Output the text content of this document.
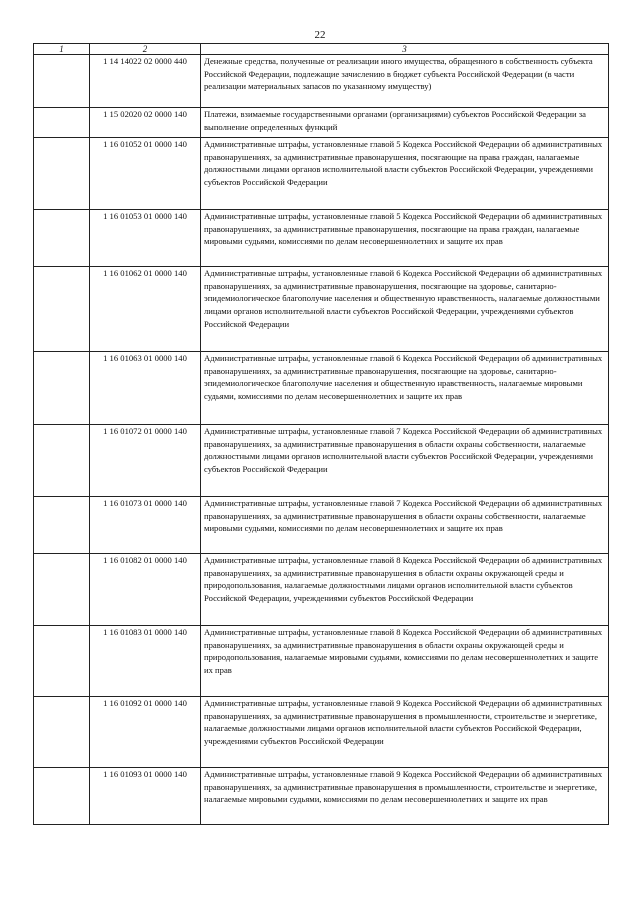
22
1	2	3
	1 14 14022 02 0000 440	Денежные средства, полученные от реализации иного имущества, обращенного в собственность субъекта Российской Федерации, подлежащие зачислению в бюджет субъекта Российской Федерации (в части реализации материальных запасов по указанному имуществу)
	1 15 02020 02 0000 140	Платежи, взимаемые государственными органами (организациями) субъектов Российской Федерации за выполнение определенных функций
	1 16 01052 01 0000 140	Административные штрафы, установленные главой 5 Кодекса Российской Федерации об административных правонарушениях, за административные правонарушения, посягающие на права граждан, налагаемые должностными лицами органов исполнительной власти субъектов Российской Федерации, учреждениями субъектов Российской Федерации
	1 16 01053 01 0000 140	Административные штрафы, установленные главой 5 Кодекса Российской Федерации об административных правонарушениях, за административные правонарушения, посягающие на права граждан, налагаемые мировыми судьями, комиссиями по делам несовершеннолетних и защите их прав
	1 16 01062 01 0000 140	Административные штрафы, установленные главой 6 Кодекса Российской Федерации об административных правонарушениях, за административные правонарушения, посягающие на здоровье, санитарно-эпидемиологическое благополучие населения и общественную нравственность, налагаемые должностными лицами органов исполнительной власти субъектов Российской Федерации, учреждениями субъектов Российской Федерации
	1 16 01063 01 0000 140	Административные штрафы, установленные главой 6 Кодекса Российской Федерации об административных правонарушениях, за административные правонарушения, посягающие на здоровье, санитарно-эпидемиологическое благополучие населения и общественную нравственность, налагаемые мировыми судьями, комиссиями по делам несовершеннолетних и защите их прав
	1 16 01072 01 0000 140	Административные штрафы, установленные главой 7 Кодекса Российской Федерации об административных правонарушениях, за административные правонарушения в области охраны собственности, налагаемые должностными лицами органов исполнительной власти субъектов Российской Федерации, учреждениями субъектов Российской Федерации
	1 16 01073 01 0000 140	Административные штрафы, установленные главой 7 Кодекса Российской Федерации об административных правонарушениях, за административные правонарушения в области охраны собственности, налагаемые мировыми судьями, комиссиями по делам несовершеннолетних и защите их прав
	1 16 01082 01 0000 140	Административные штрафы, установленные главой 8 Кодекса Российской Федерации об административных правонарушениях, за административные правонарушения в области охраны окружающей среды и природопользования, налагаемые должностными лицами органов исполнительной власти субъектов Российской Федерации, учреждениями субъектов Российской Федерации
	1 16 01083 01 0000 140	Административные штрафы, установленные главой 8 Кодекса Российской Федерации об административных правонарушениях, за административные правонарушения в области охраны окружающей среды и природопользования, налагаемые мировыми судьями, комиссиями по делам несовершеннолетних и защите их прав
	1 16 01092 01 0000 140	Административные штрафы, установленные главой 9 Кодекса Российской Федерации об административных правонарушениях, за административные правонарушения в промышленности, строительстве и энергетике, налагаемые должностными лицами органов исполнительной власти субъектов Российской Федерации, учреждениями субъектов Российской Федерации
	1 16 01093 01 0000 140	Административные штрафы, установленные главой 9 Кодекса Российской Федерации об административных правонарушениях, за административные правонарушения в промышленности, строительстве и энергетике, налагаемые мировыми судьями, комиссиями по делам несовершеннолетних и защите их прав
